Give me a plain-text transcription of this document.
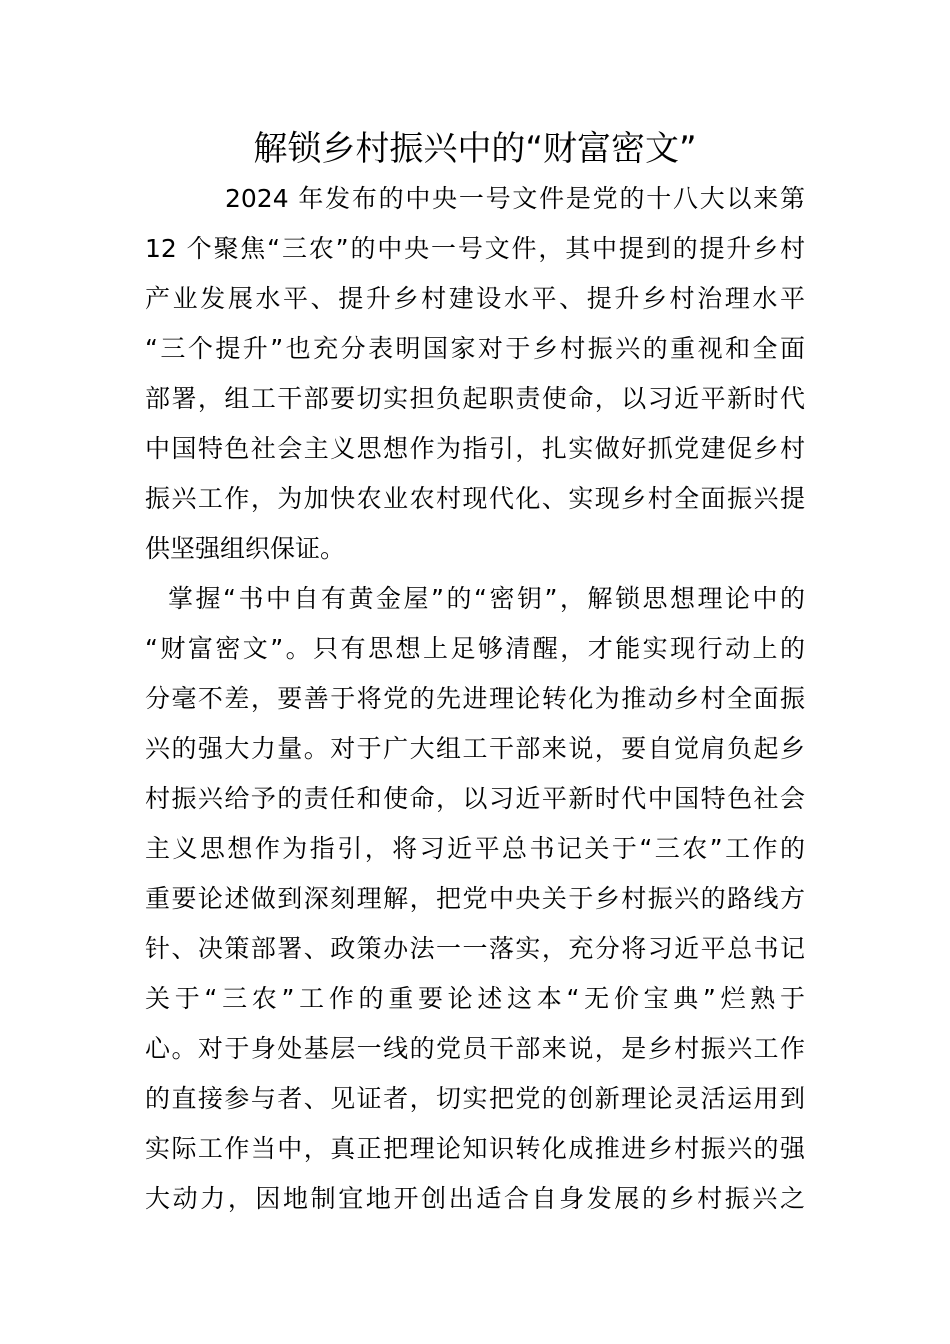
解锁乡村振兴中的“财富密文”
2024 年发布的中央一号文件是党的十八大以来第
12 个聚焦“三农”的中央一号文件，其中提到的提升乡村
产业发展水平、提升乡村建设水平、提升乡村治理水平
“三个提升”也充分表明国家对于乡村振兴的重视和全面
部署，组工干部要切实担负起职责使命，以习近平新时代
中国特色社会主义思想作为指引，扎实做好抓党建促乡村
振兴工作，为加快农业农村现代化、实现乡村全面振兴提
供坚强组织保证。
掌握“书中自有黄金屋”的“密钥”，解锁思想理论中的
“财富密文”。只有思想上足够清醒，才能实现行动上的
分毫不差，要善于将党的先进理论转化为推动乡村全面振
兴的强大力量。对于广大组工干部来说，要自觉肩负起乡
村振兴给予的责任和使命，以习近平新时代中国特色社会
主义思想作为指引，将习近平总书记关于“三农”工作的
重要论述做到深刻理解，把党中央关于乡村振兴的路线方
针、决策部署、政策办法一一落实，充分将习近平总书记
关于“三农”工作的重要论述这本“无价宝典”烂熟于
心。对于身处基层一线的党员干部来说，是乡村振兴工作
的直接参与者、见证者，切实把党的创新理论灵活运用到
实际工作当中，真正把理论知识转化成推进乡村振兴的强
大动力，因地制宜地开创出适合自身发展的乡村振兴之
